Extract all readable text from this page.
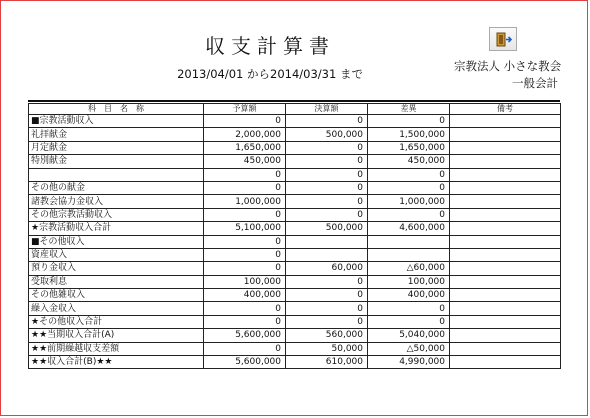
収支計算書
2013/04/01 から2014/03/31 まで
宗教法人 小さな教会
一般会計
科　目　名　称	予算額	決算額	差異	備考
■宗教活動収入	0	0	0	
礼拝献金	2,000,000	500,000	1,500,000	
月定献金	1,650,000	0	1,650,000	
特別献金	450,000	0	450,000	
	0	0	0	
その他の献金	0	0	0	
諸教会協力金収入	1,000,000	0	1,000,000	
その他宗教活動収入	0	0	0	
★宗教活動収入合計	5,100,000	500,000	4,600,000	
■その他収入	0			
資産収入	0			
預り金収入	0	60,000	△60,000	
受取利息	100,000	0	100,000	
その他雑収入	400,000	0	400,000	
繰入金収入	0	0	0	
★その他収入合計	0	0	0	
★★当期収入合計(A)	5,600,000	560,000	5,040,000	
★★前期繰越収支差額	0	50,000	△50,000	
★★収入合計(B)★★	5,600,000	610,000	4,990,000	
